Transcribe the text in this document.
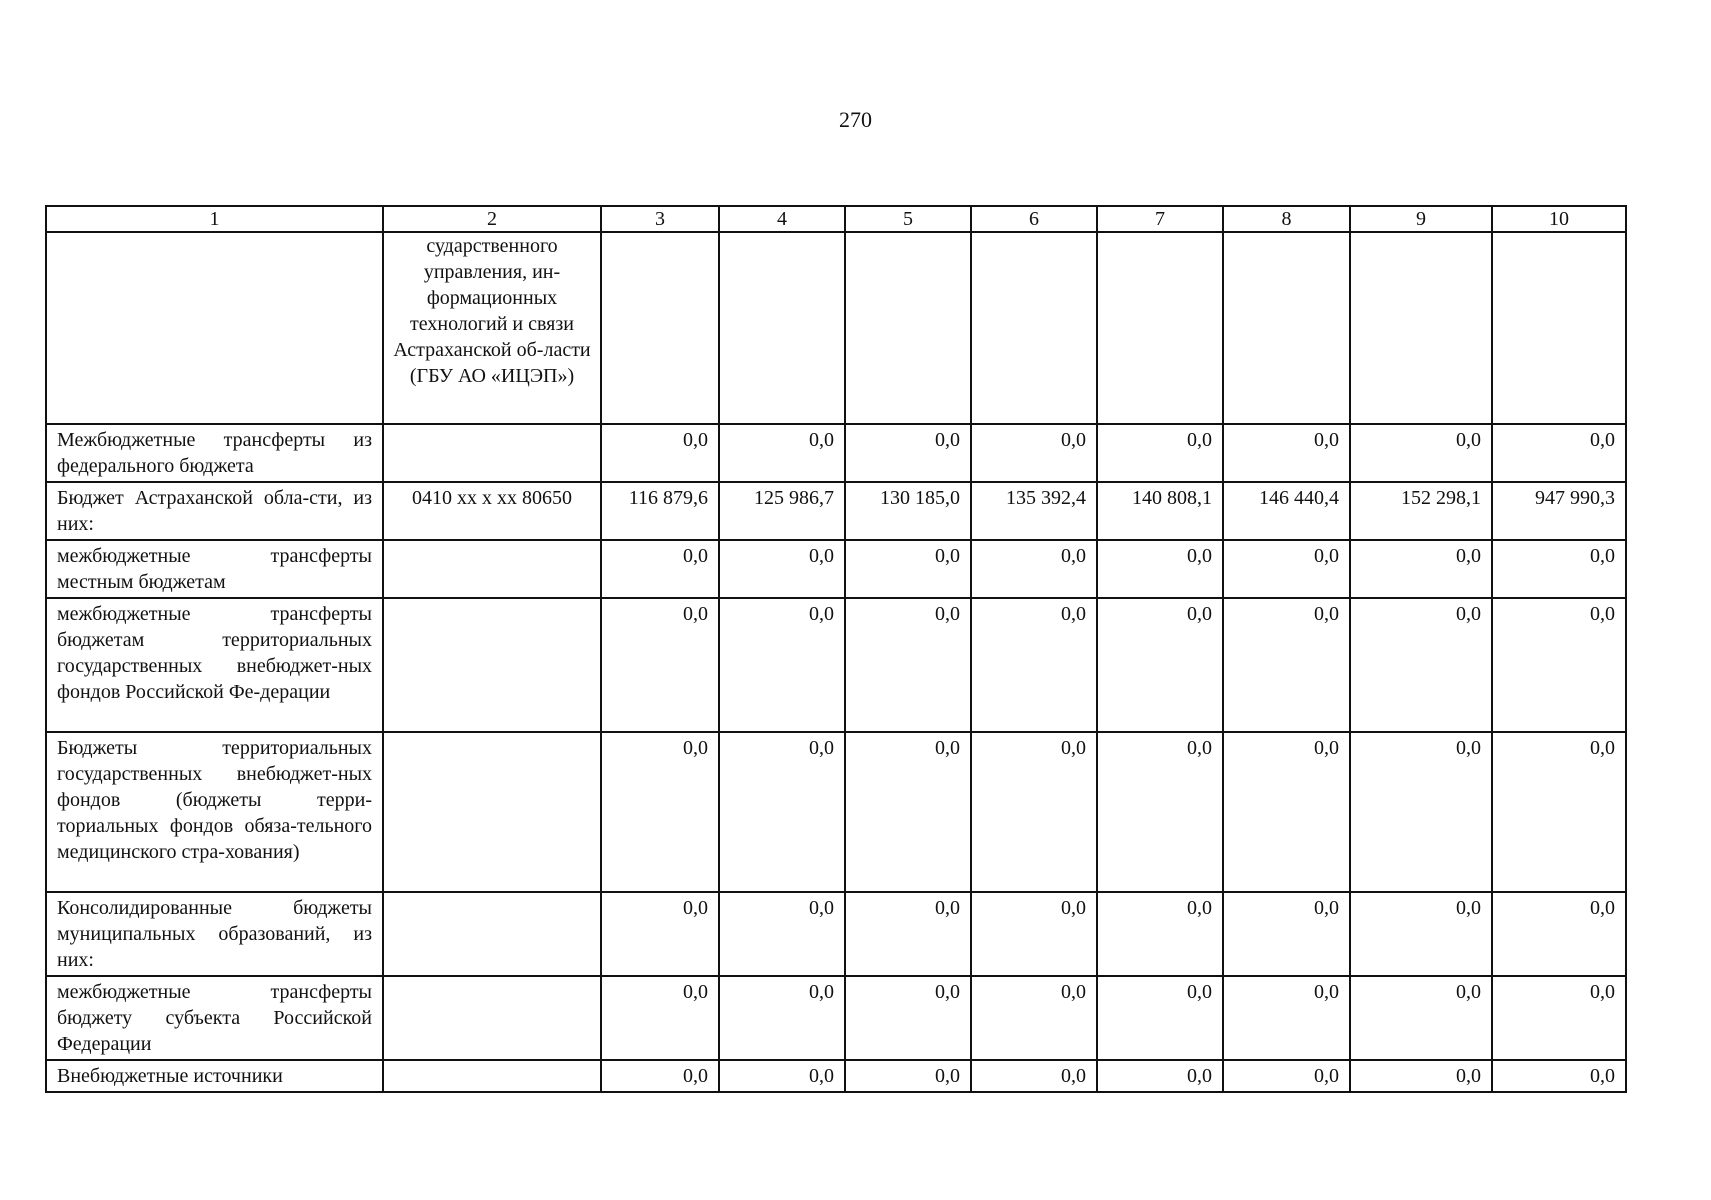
270
1	2	3	4	5	6	7	8	9	10
	сударственного управления, ин-формационных технологий и связи Астраханской об-ласти (ГБУ АО «ИЦЭП»)								
Межбюджетные трансферты из федерального бюджета		0,0	0,0	0,0	0,0	0,0	0,0	0,0	0,0
Бюджет Астраханской обла-сти, из них:	0410 хх х хх 80650	116 879,6	125 986,7	130 185,0	135 392,4	140 808,1	146 440,4	152 298,1	947 990,3
межбюджетные трансферты местным бюджетам		0,0	0,0	0,0	0,0	0,0	0,0	0,0	0,0
межбюджетные трансферты бюджетам территориальных государственных внебюджет-ных фондов Российской Фе-дерации		0,0	0,0	0,0	0,0	0,0	0,0	0,0	0,0
Бюджеты территориальных государственных внебюджет-ных фондов (бюджеты терри-ториальных фондов обяза-тельного медицинского стра-хования)		0,0	0,0	0,0	0,0	0,0	0,0	0,0	0,0
Консолидированные бюджеты муниципальных образований, из них:		0,0	0,0	0,0	0,0	0,0	0,0	0,0	0,0
межбюджетные трансферты бюджету субъекта Российской Федерации		0,0	0,0	0,0	0,0	0,0	0,0	0,0	0,0
Внебюджетные источники		0,0	0,0	0,0	0,0	0,0	0,0	0,0	0,0
